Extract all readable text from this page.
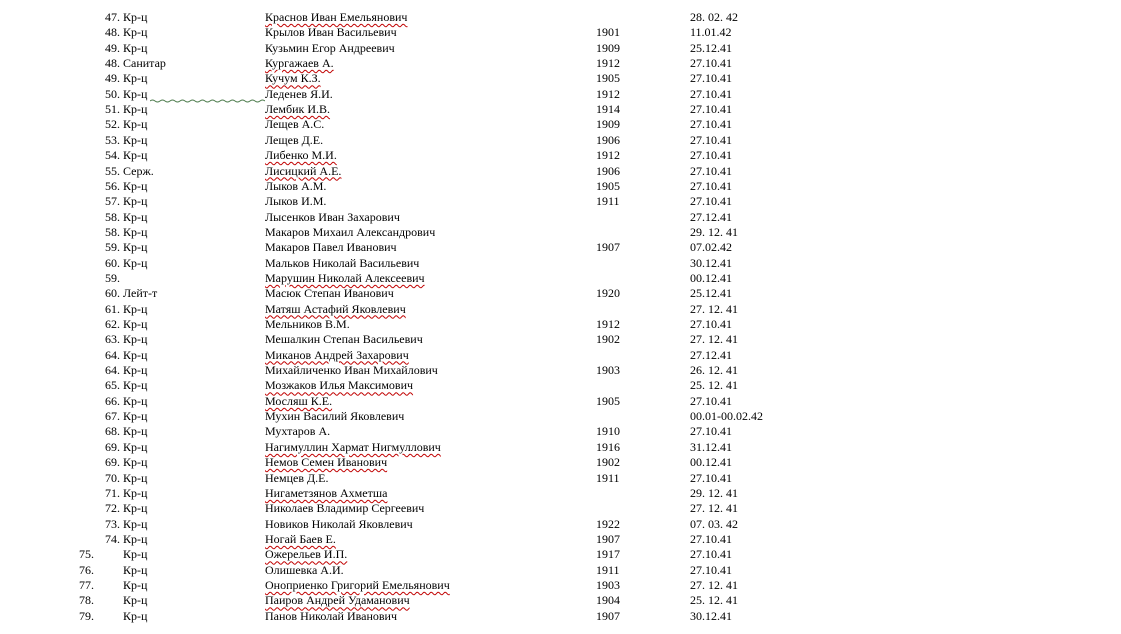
47. Кр-ц	Краснов Иван Емельянович	28. 02. 42
48. Кр-ц	Крылов Иван Васильевич	1901	11.01.42
49. Кр-ц	Кузьмин Егор Андреевич	1909	25.12.41
48. Санитар	Кургажаев А.	1912	27.10.41
49. Кр-ц	Кучум К.З.	1905	27.10.41
50. Кр-ц	Леденев Я.И.	1912	27.10.41
51. Кр-ц	Лембик И.В.	1914	27.10.41
52. Кр-ц	Лещев А.С.	1909	27.10.41
53. Кр-ц	Лещев Д.Е.	1906	27.10.41
54. Кр-ц	Либенко М.И.	1912	27.10.41
55. Серж.	Лисицкий А.Е.	1906	27.10.41
56. Кр-ц	Лыков А.М.	1905	27.10.41
57. Кр-ц	Лыков И.М.	1911	27.10.41
58. Кр-ц	Лысенков Иван Захарович	27.12.41
58. Кр-ц	Макаров Михаил Александрович	29. 12. 41
59. Кр-ц	Макаров Павел Иванович	1907	07.02.42
60. Кр-ц	Мальков Николай Васильевич	30.12.41
59.	Марушин Николай Алексеевич	00.12.41
60. Лейт-т	Масюк Степан Иванович	1920	25.12.41
61. Кр-ц	Матяш Астафий Яковлевич	27. 12. 41
62. Кр-ц	Мельников В.М.	1912	27.10.41
63. Кр-ц	Мешалкин Степан Васильевич	1902	27. 12. 41
64. Кр-ц	Миканов Андрей Захарович	27.12.41
64. Кр-ц	Михайличенко Иван Михайлович	1903	26. 12. 41
65. Кр-ц	Мозжаков Илья Максимович	25. 12. 41
66. Кр-ц	Мосляш К.Е.	1905	27.10.41
67. Кр-ц	Мухин Василий Яковлевич	00.01-00.02.42
68. Кр-ц	Мухтаров А.	1910	27.10.41
69. Кр-ц	Нагимуллин Хармат Нигмуллович	1916	31.12.41
69. Кр-ц	Немов Семен Иванович	1902	00.12.41
70. Кр-ц	Немцев Д.Е.	1911	27.10.41
71. Кр-ц	Нигаметзянов Ахметша	29. 12. 41
72. Кр-ц	Николаев Владимир Сергеевич	27. 12. 41
73. Кр-ц	Новиков Николай Яковлевич	1922	07. 03. 42
74. Кр-ц	Ногай Баев Е.	1907	27.10.41
75. Кр-ц	Ожерельев И.П.	1917	27.10.41
76. Кр-ц	Олишевка А.И.	1911	27.10.41
77. Кр-ц	Оноприенко Григорий Емельянович	1903	27. 12. 41
78. Кр-ц	Паиров Андрей Удаманович	1904	25. 12. 41
79. Кр-ц	Панов Николай Иванович	1907	30.12.41
